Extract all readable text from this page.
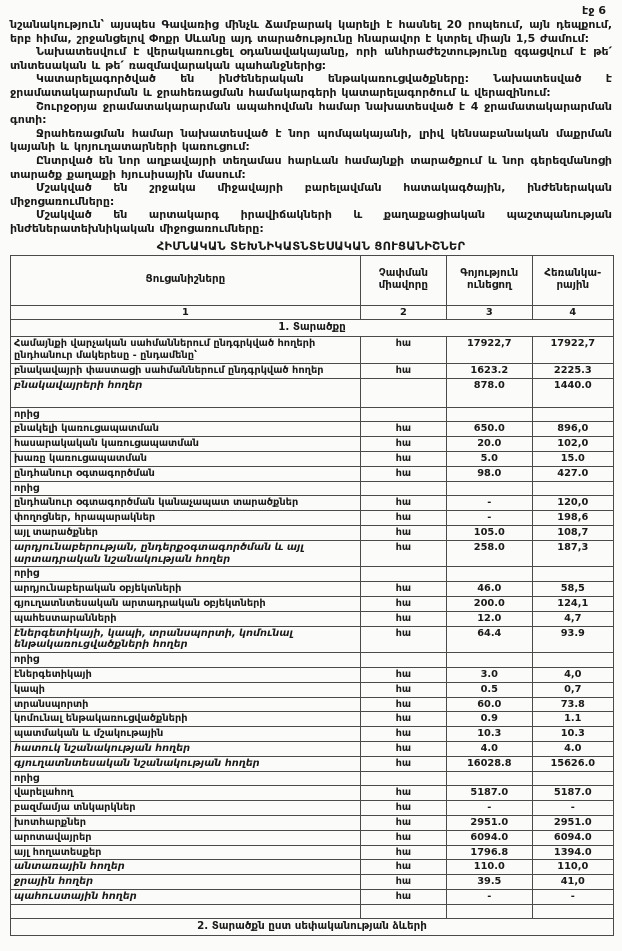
էջ 6

նշանակություն՝ այսպես Գավառից մինչև Ճամբարակ կարելի է հասնել 20 րոպեում, այն դեպքում, երբ հիմա, շրջանցելով Փոքր Սևանը այդ տարածությունը հնարավոր է կտրել միայն 1,5 ժամում:

Նախատեսվում է վերակառուցել օդանավակայանը, որի անհրաժեշտությունը զգացվում է թե՛ տնտեսական և թե՛ ռազմավարական պահանջներից:

Կատարելագործված են ինժեներական ենթակառուցվածքները: Նախատեսված է ջրամատակարարման և ջրահեռացման համակարգերի կատարելագործում և վերազինում:

Շուրջօրյա ջրամատակարարման ապահովման համար նախատեսված է 4 ջրամատակարարման գոտի:

Ջրահեռացման համար նախատեսված է նոր պոմպակայանի, լրիվ կենսաբանական մաքրման կայանի և կոյուղատարների կառուցում:

Ընտրված են նոր աղբավայրի տեղամաս հարևան համայնքի տարածքում և նոր գերեզմանոցի տարածք քաղաքի հյուսիսային մասում:

Մշակված են շրջակա միջավայրի բարելավման հատակագծային, ինժեներական միջոցառումները:

Մշակված են արտակարգ իրավիճակների և քաղաքացիական պաշտպանության ինժեներատեխնիկական միջոցառումները:

ՀԻՄՆԱԿԱՆ ՏԵԽՆԻԿԱՏՆՏԵՍԱԿԱՆ ՑՈՒՑԱՆԻՇՆԵՐ
Ցուցանիշները	Չափման միավորը	Գոյություն ունեցող	Հեռանկա-րային
1	2	3	4
1. Տարածքը			
Համայնքի վարչական սահմաններում ընդգրկված հողերի ընդհանուր մակերեսը - ընդամենը՝	հա	17922,7	17922,7
բնակավայրի փաստացի սահմաններում ընդգրկված հողեր	հա	1623.2	2225.3
բնակավայրերի հողեր		878.0	1440.0
որից			
բնակելի կառուցապատման	հա	650.0	896,0
հասարակական կառուցապատման	հա	20.0	102,0
խառը կառուցապատման	հա	5.0	15.0
ընդհանուր օգտագործման	հա	98.0	427.0
որից			
ընդհանուր օգտագործման կանաչապատ տարածքներ	հա	-	120,0
փողոցներ, հրապարակներ	հա	-	198,6
այլ տարածքներ	հա	105.0	108,7
արդյունաբերության, ընդերքօգտագործման և այլ արտադրական նշանակության հողեր	հա	258.0	187,3
որից			
արդյունաբերական օբյեկտների	հա	46.0	58,5
գյուղատնտեսական արտադրական օբյեկտների	հա	200.0	124,1
պահեստարանների	հա	12.0	4,7
էներգետիկայի, կապի, տրանսպորտի, կոմունալ ենթակառուցվածքների հողեր	հա	64.4	93.9
որից			
էներգետիկայի	հա	3.0	4,0
կապի	հա	0.5	0,7
տրանսպորտի	հա	60.0	73.8
կոմունալ ենթակառուցվածքների	հա	0.9	1.1
պատմական և մշակութային	հա	10.3	10.3
հատուկ նշանակության հողեր	հա	4.0	4.0
գյուղատնտեսական նշանակության հողեր	հա	16028.8	15626.0
որից			
վարելահող	հա	5187.0	5187.0
բազմամյա տնկարկներ	հա	-	-
խոտհարքներ	հա	2951.0	2951.0
արոտավայրեր	հա	6094.0	6094.0
այլ հողատեսքեր	հա	1796.8	1394.0
անտառային հողեր	հա	110.0	110,0
ջրային հողեր	հա	39.5	41,0
պահուստային հողեր	հա	-	-

2. Տարածքն ըստ սեփականության ձևերի			
